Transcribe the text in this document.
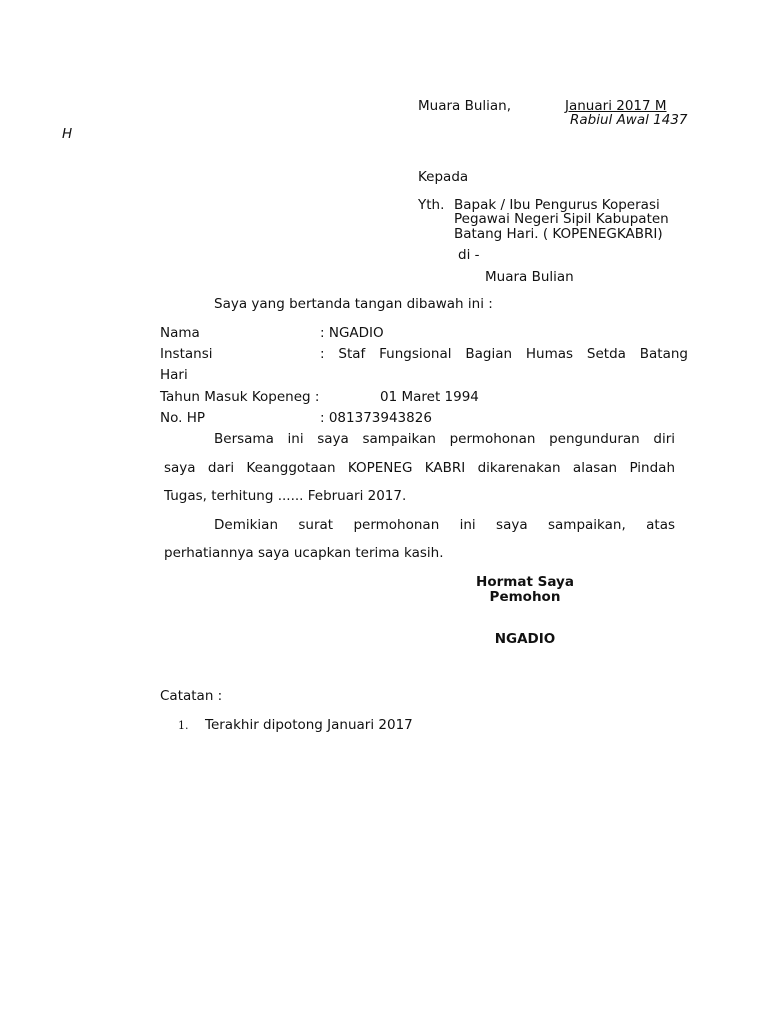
Muara Bulian,	Januari 2017 M
Rabiul Awal 1437
H
Kepada
Yth. Bapak / Ibu Pengurus Koperasi
Pegawai Negeri Sipil Kabupaten
Batang Hari. ( KOPENEGKABRI)
di -
Muara Bulian
Saya yang bertanda tangan dibawah ini :
Nama	: NGADIO
Instansi	: Staf Fungsional Bagian Humas Setda Batang
Hari
Tahun Masuk Kopeneg :	01 Maret 1994
No. HP	: 081373943826
Bersama ini saya sampaikan permohonan pengunduran diri
saya dari Keanggotaan KOPENEG KABRI dikarenakan alasan Pindah
Tugas, terhitung ...... Februari 2017.
Demikian surat permohonan ini saya sampaikan, atas
perhatiannya saya ucapkan terima kasih.
Hormat Saya
Pemohon
NGADIO
Catatan :
1. Terakhir dipotong Januari 2017
